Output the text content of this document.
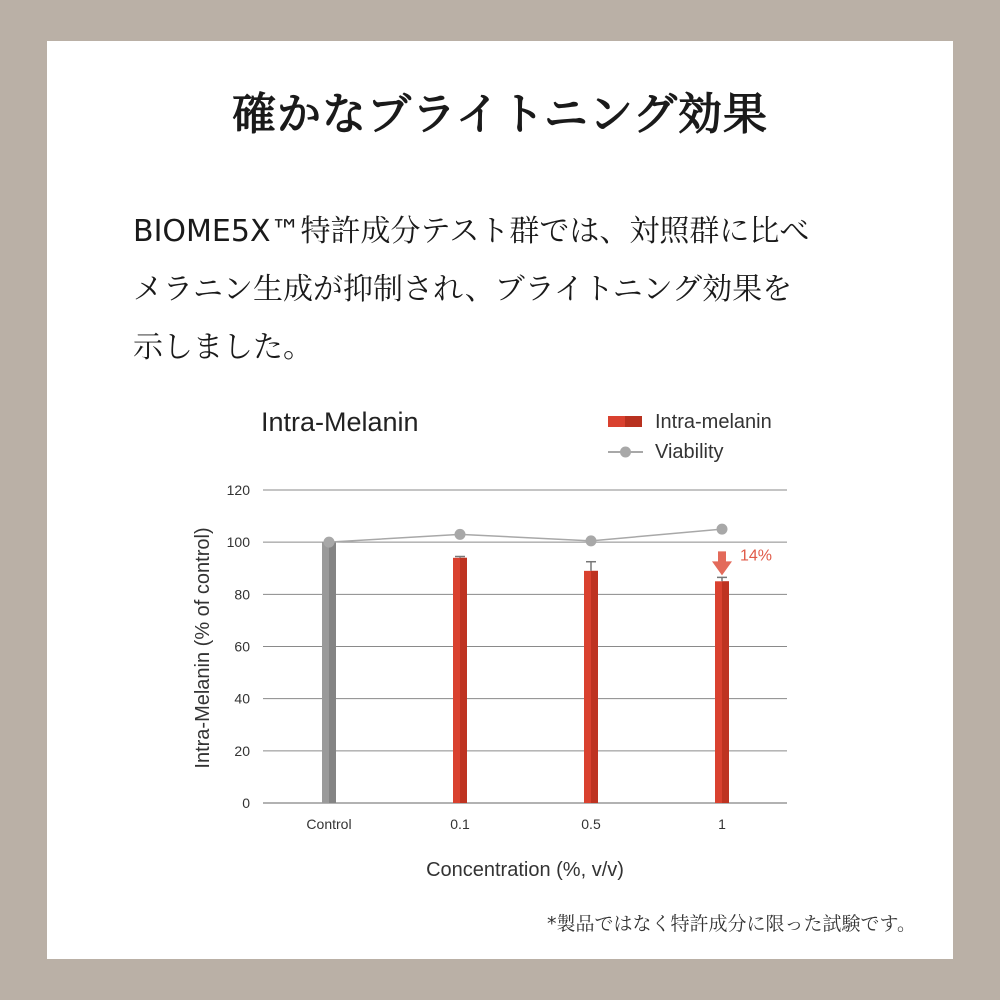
確かなブライトニング効果
BIOME5X™特許成分テスト群では、対照群に比べ
メラニン生成が抑制され、ブライトニング効果を
示しました。
Intra-Melanin	Intra-melanin
Viability
0
20
40
60
80
100
120
Control	0.1	0.5	1
14%
Concentration (%, v/v)
Intra-Melanin (% of control)

*製品ではなく特許成分に限った試験です。
